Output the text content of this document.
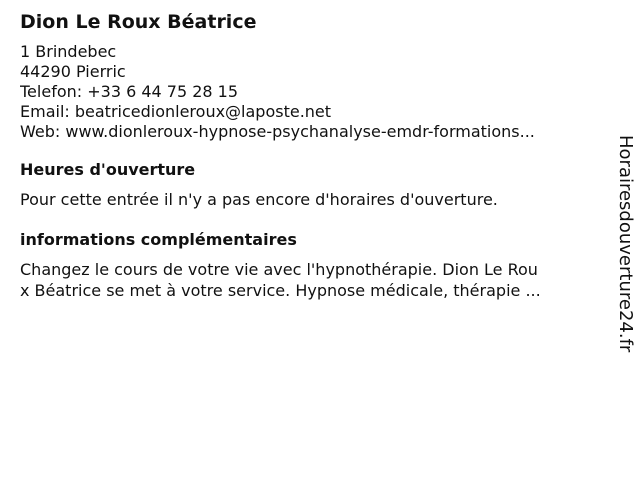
Dion Le Roux Béatrice
1 Brindebec
44290 Pierric
Telefon: +33 6 44 75 28 15
Email: beatricedionleroux@laposte.net
Web: www.dionleroux-hypnose-psychanalyse-emdr-formations...
Heures d'ouverture
Pour cette entrée il n'y a pas encore d'horaires d'ouverture.
informations complémentaires
Changez le cours de votre vie avec l'hypnothérapie. Dion Le Rou
x Béatrice se met à votre service. Hypnose médicale, thérapie ...	Horairesdouverture24.fr
